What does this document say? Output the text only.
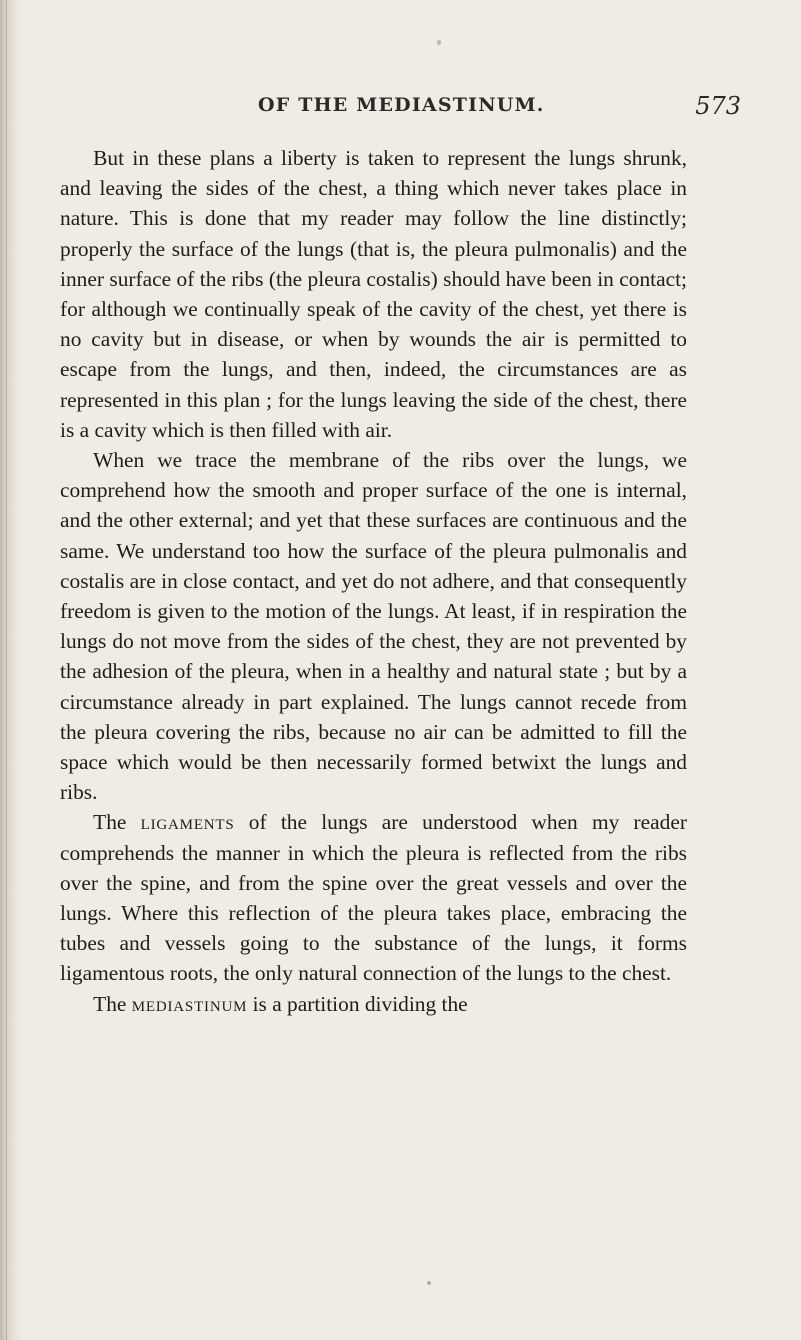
OF THE MEDIASTINUM.	573

But in these plans a liberty is taken to represent the lungs shrunk, and leaving the sides of the chest, a thing which never takes place in nature. This is done that my reader may follow the line distinctly; properly the surface of the lungs (that is, the pleura pulmonalis) and the inner surface of the ribs (the pleura costalis) should have been in contact; for although we continually speak of the cavity of the chest, yet there is no cavity but in disease, or when by wounds the air is permitted to escape from the lungs, and then, indeed, the circumstances are as represented in this plan ; for the lungs leaving the side of the chest, there is a cavity which is then filled with air.

When we trace the membrane of the ribs over the lungs, we comprehend how the smooth and proper surface of the one is internal, and the other external; and yet that these surfaces are continuous and the same. We understand too how the surface of the pleura pulmonalis and costalis are in close contact, and yet do not adhere, and that consequently freedom is given to the motion of the lungs. At least, if in respiration the lungs do not move from the sides of the chest, they are not prevented by the adhesion of the pleura, when in a healthy and natural state ; but by a circumstance already in part explained. The lungs cannot recede from the pleura covering the ribs, because no air can be admitted to fill the space which would be then necessarily formed betwixt the lungs and ribs.

The ligaments of the lungs are understood when my reader comprehends the manner in which the pleura is reflected from the ribs over the spine, and from the spine over the great vessels and over the lungs. Where this reflection of the pleura takes place, embracing the tubes and vessels going to the substance of the lungs, it forms ligamentous roots, the only natural connection of the lungs to the chest.

The mediastinum is a partition dividing the
